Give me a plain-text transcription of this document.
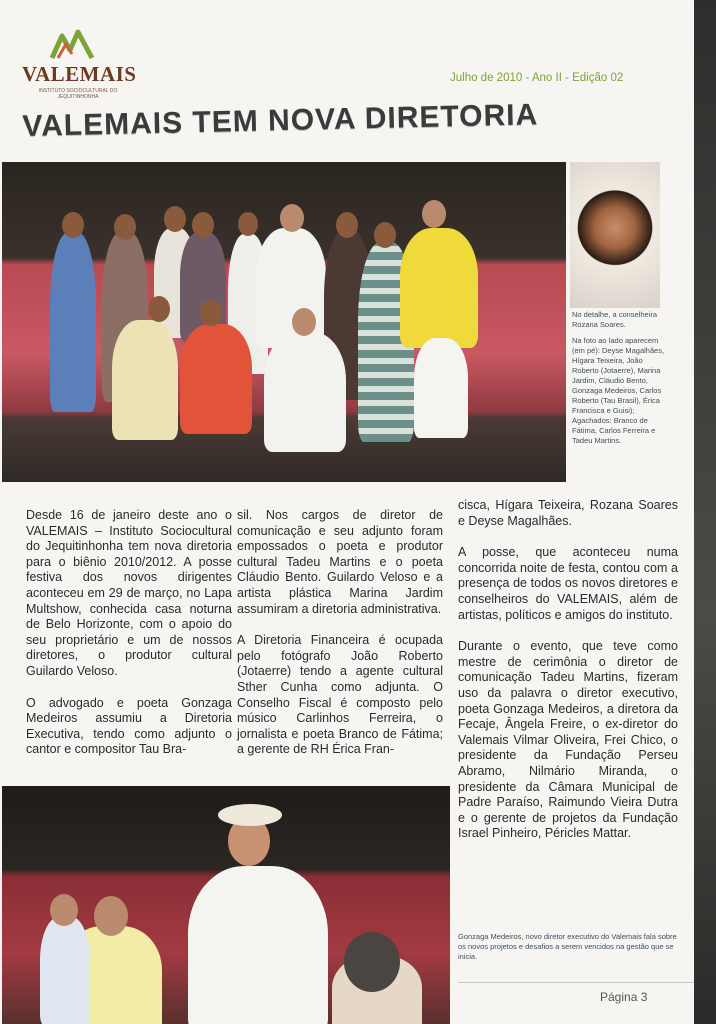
VALEMAIS
INSTITUTO SOCIOCULTURAL DO JEQUITINHONHA
Julho de 2010 - Ano II - Edição 02
VALEMAIS TEM NOVA DIRETORIA
No detalhe, a conselheira Rozana Soares.
Na foto ao lado aparecem (em pé): Deyse Magalhães, Hígara Teixeira, João Roberto (Jotaerre), Marina Jardim, Cláudio Bento, Gonzaga Medeiros, Carlos Roberto (Tau Brasil), Érica Francisca e Guisi); Agachados: Branco de Fátima, Carlos Ferreira e Tadeu Martins.

Desde 16 de janeiro deste ano o VALEMAIS – Instituto Sociocultural do Jequitinhonha tem nova diretoria para o biênio 2010/2012. A posse festiva dos novos dirigentes aconteceu em 29 de março, no Lapa Multshow, conhecida casa noturna de Belo Horizonte, com o apoio do seu proprietário e um de nossos diretores, o produtor cultural Guilardo Veloso.

O advogado e poeta Gonzaga Medeiros assumiu a Diretoria Executiva, tendo como adjunto o cantor e compositor Tau Bra-

sil. Nos cargos de diretor de comunicação e seu adjunto foram empossados o poeta e produtor cultural Tadeu Martins e o poeta Cláudio Bento. Guilardo Veloso e a artista plástica Marina Jardim assumiram a diretoria administrativa.

A Diretoria Financeira é ocupada pelo fotógrafo João Roberto (Jotaerre) tendo a agente cultural Sther Cunha como adjunta. O Conselho Fiscal é composto pelo músico Carlinhos Ferreira, o jornalista e poeta Branco de Fátima; a gerente de RH Érica Fran-

cisca, Hígara Teixeira, Rozana Soares e Deyse Magalhães.

A posse, que aconteceu numa concorrida noite de festa, contou com a presença de todos os novos diretores e conselheiros do VALEMAIS, além de artistas, políticos e amigos do instituto.

Durante o evento, que teve como mestre de cerimônia o diretor de comunicação Tadeu Martins, fizeram uso da palavra o diretor executivo, poeta Gonzaga Medeiros, a diretora da Fecaje, Ângela Freire, o ex-diretor do Valemais Vilmar Oliveira, Frei Chico, o presidente da Fundação Perseu Abramo, Nilmário Miranda, o presidente da Câmara Municipal de Padre Paraíso, Raimundo Vieira Dutra e o gerente de projetos da Fundação Israel Pinheiro, Péricles Mattar.

Gonzaga Medeiros, novo diretor executivo do Valemais fala sobre os novos projetos e desafios a serem vencidos na gestão que se inicia.
Página 3
